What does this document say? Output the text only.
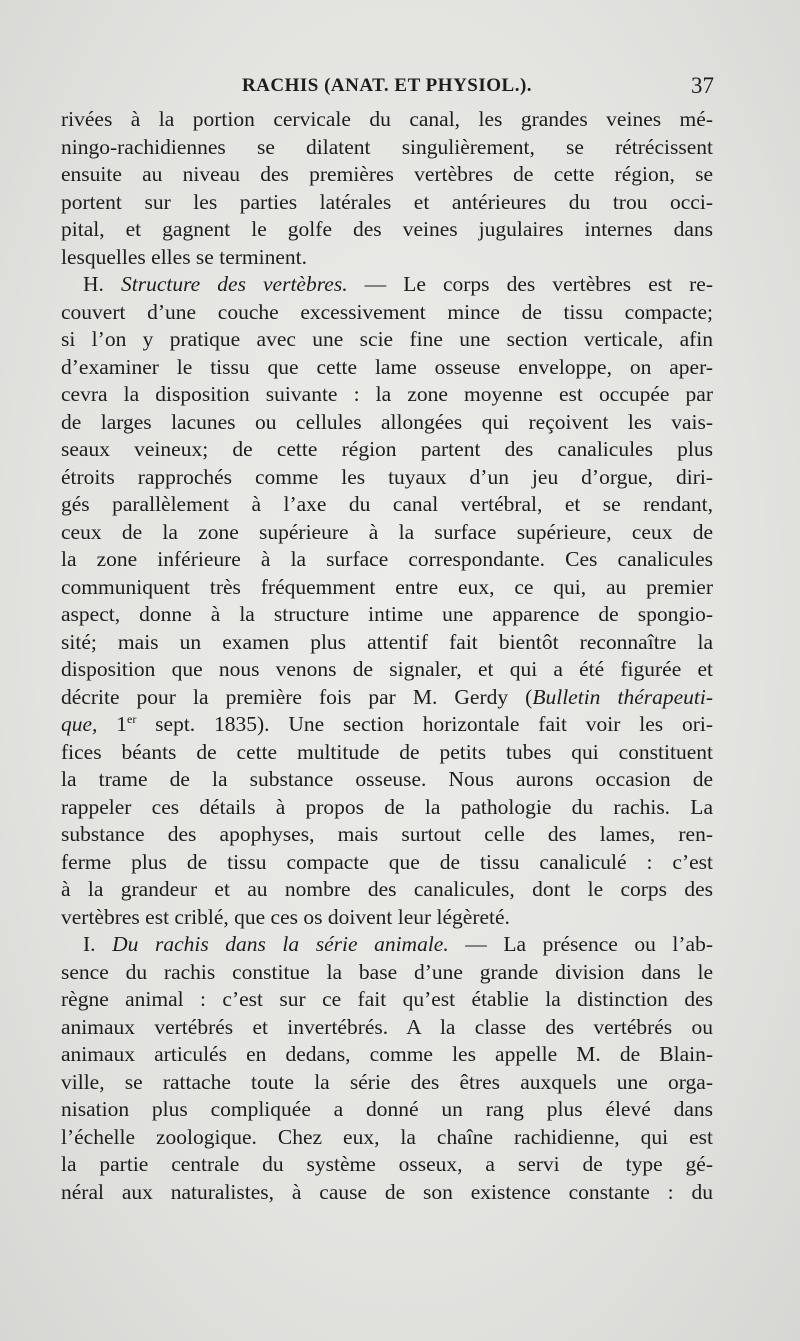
RACHIS (ANAT. ET PHYSIOL.).	37
rivées à la portion cervicale du canal, les grandes veines mé-
ningo-rachidiennes se dilatent singulièrement, se rétrécissent
ensuite au niveau des premières vertèbres de cette région, se
portent sur les parties latérales et antérieures du trou occi-
pital, et gagnent le golfe des veines jugulaires internes dans
lesquelles elles se terminent.
H. Structure des vertèbres. — Le corps des vertèbres est re-
couvert d’une couche excessivement mince de tissu compacte;
si l’on y pratique avec une scie fine une section verticale, afin
d’examiner le tissu que cette lame osseuse enveloppe, on aper-
cevra la disposition suivante : la zone moyenne est occupée par
de larges lacunes ou cellules allongées qui reçoivent les vais-
seaux veineux; de cette région partent des canalicules plus
étroits rapprochés comme les tuyaux d’un jeu d’orgue, diri-
gés parallèlement à l’axe du canal vertébral, et se rendant,
ceux de la zone supérieure à la surface supérieure, ceux de
la zone inférieure à la surface correspondante. Ces canalicules
communiquent très fréquemment entre eux, ce qui, au premier
aspect, donne à la structure intime une apparence de spongio-
sité; mais un examen plus attentif fait bientôt reconnaître la
disposition que nous venons de signaler, et qui a été figurée et
décrite pour la première fois par M. Gerdy (Bulletin thérapeuti-
que, 1er sept. 1835). Une section horizontale fait voir les ori-
fices béants de cette multitude de petits tubes qui constituent
la trame de la substance osseuse. Nous aurons occasion de
rappeler ces détails à propos de la pathologie du rachis. La
substance des apophyses, mais surtout celle des lames, ren-
ferme plus de tissu compacte que de tissu canaliculé : c’est
à la grandeur et au nombre des canalicules, dont le corps des
vertèbres est criblé, que ces os doivent leur légèreté.
I. Du rachis dans la série animale. — La présence ou l’ab-
sence du rachis constitue la base d’une grande division dans le
règne animal : c’est sur ce fait qu’est établie la distinction des
animaux vertébrés et invertébrés. A la classe des vertébrés ou
animaux articulés en dedans, comme les appelle M. de Blain-
ville, se rattache toute la série des êtres auxquels une orga-
nisation plus compliquée a donné un rang plus élevé dans
l’échelle zoologique. Chez eux, la chaîne rachidienne, qui est
la partie centrale du système osseux, a servi de type gé-
néral aux naturalistes, à cause de son existence constante : du
